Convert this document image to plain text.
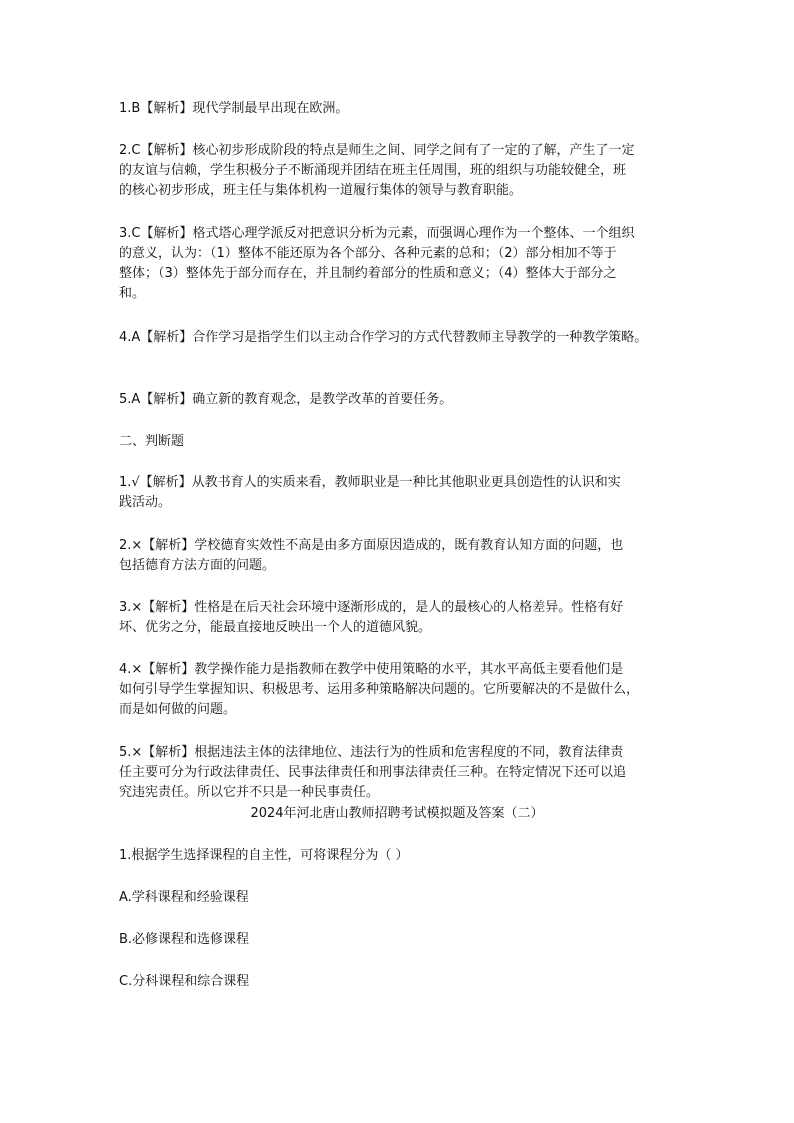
1.B【解析】现代学制最早出现在欧洲。
2.C【解析】核心初步形成阶段的特点是师生之间、同学之间有了一定的了解，产生了一定
的友谊与信赖，学生积极分子不断涌现并团结在班主任周围，班的组织与功能较健全，班
的核心初步形成，班主任与集体机构一道履行集体的领导与教育职能。
3.C【解析】格式塔心理学派反对把意识分析为元素，而强调心理作为一个整体、一个组织
的意义，认为：（1）整体不能还原为各个部分、各种元素的总和；（2）部分相加不等于
整体；（3）整体先于部分而存在，并且制约着部分的性质和意义；（4）整体大于部分之
和。
4.A【解析】合作学习是指学生们以主动合作学习的方式代替教师主导教学的一种教学策略。
5.A【解析】确立新的教育观念，是教学改革的首要任务。
二、判断题
1.√【解析】从教书育人的实质来看，教师职业是一种比其他职业更具创造性的认识和实
践活动。
2.×【解析】学校德育实效性不高是由多方面原因造成的，既有教育认知方面的问题，也
包括德育方法方面的问题。
3.×【解析】性格是在后天社会环境中逐渐形成的，是人的最核心的人格差异。性格有好
坏、优劣之分，能最直接地反映出一个人的道德风貌。
4.×【解析】教学操作能力是指教师在教学中使用策略的水平，其水平高低主要看他们是
如何引导学生掌握知识、积极思考、运用多种策略解决问题的。它所要解决的不是做什么，
而是如何做的问题。
5.×【解析】根据违法主体的法律地位、违法行为的性质和危害程度的不同，教育法律责
任主要可分为行政法律责任、民事法律责任和刑事法律责任三种。在特定情况下还可以追
究违宪责任。所以它并不只是一种民事责任。
2024年河北唐山教师招聘考试模拟题及答案（二）
1.根据学生选择课程的自主性，可将课程分为（ ）
A.学科课程和经验课程
B.必修课程和选修课程
C.分科课程和综合课程
